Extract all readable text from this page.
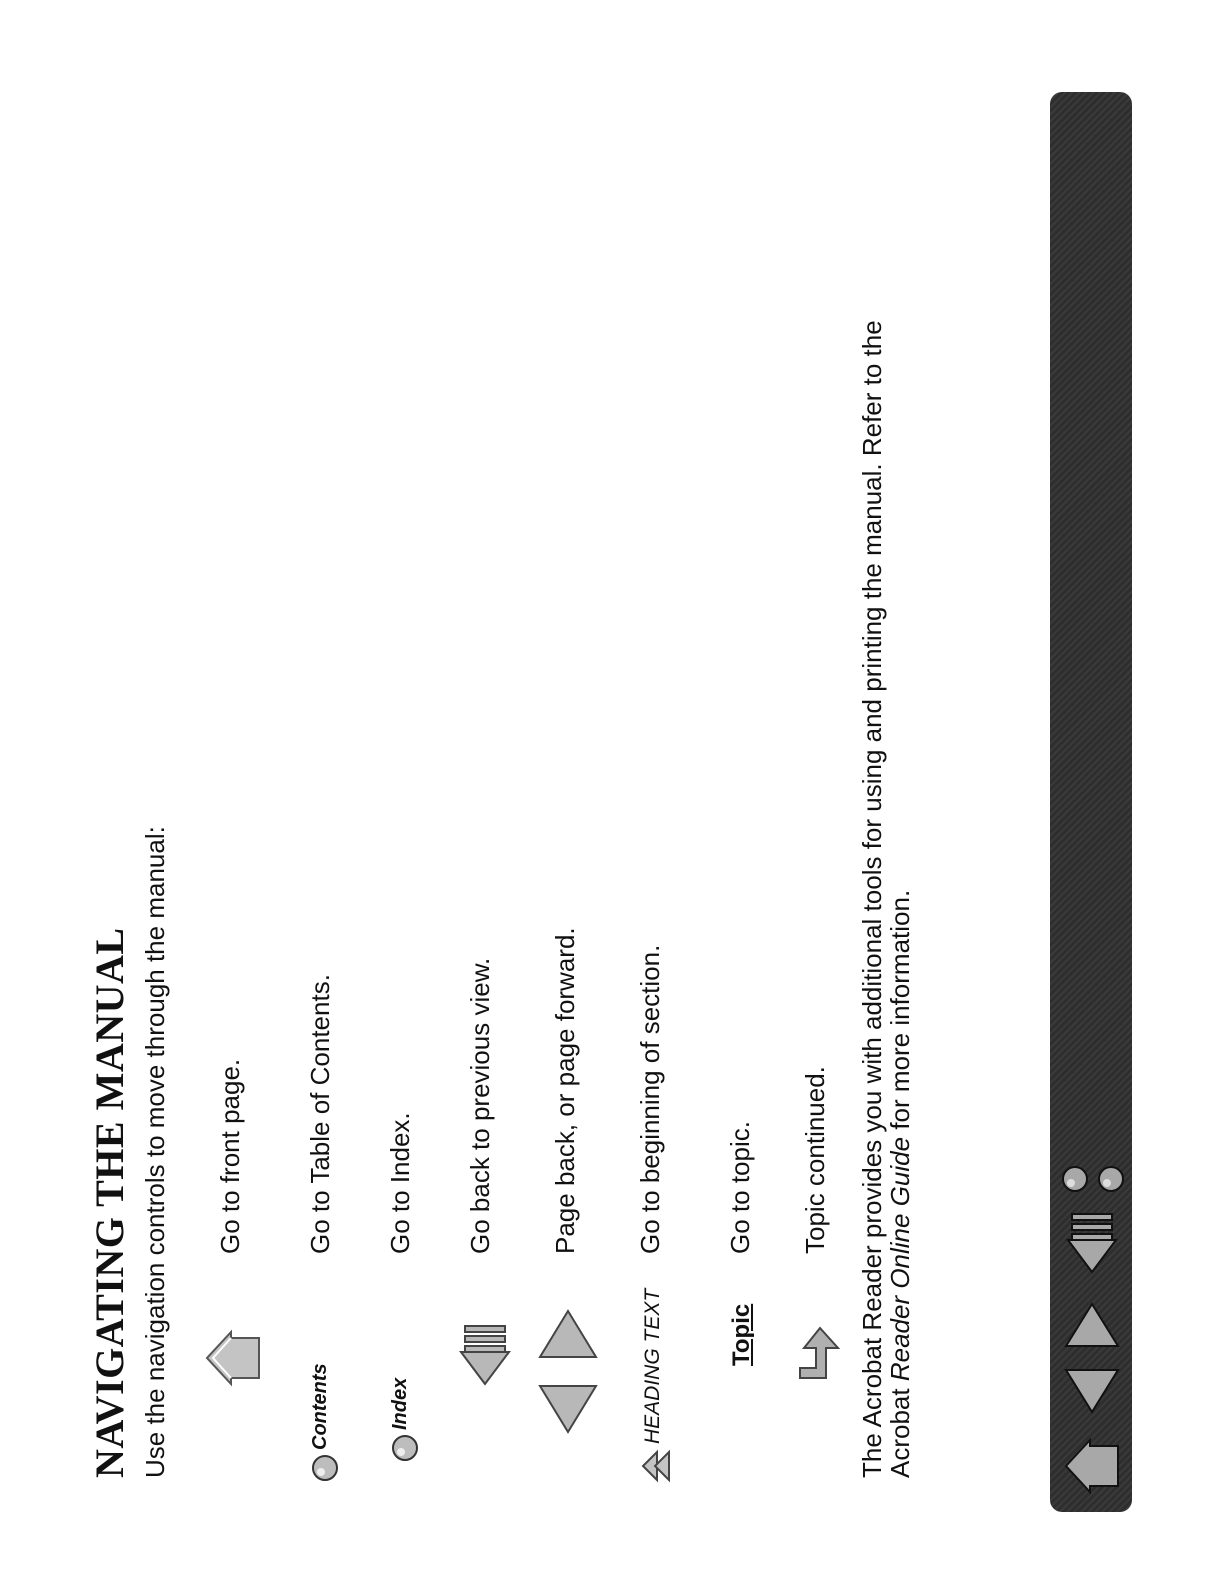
NAVIGATING THE MANUAL Use the navigation controls to move through the manual: Go to front page.
Contents
Go to Table of Contents.
Index
Go to Index. Go back to previous view. Page back, or page forward.
HEADING TEXT
Go to beginning of section.
Topic
Go to topic. Topic continued. The Acrobat Reader provides you with additional tools for using and printing the manual. Refer to the
Acrobat Reader Online Guide for more information.
